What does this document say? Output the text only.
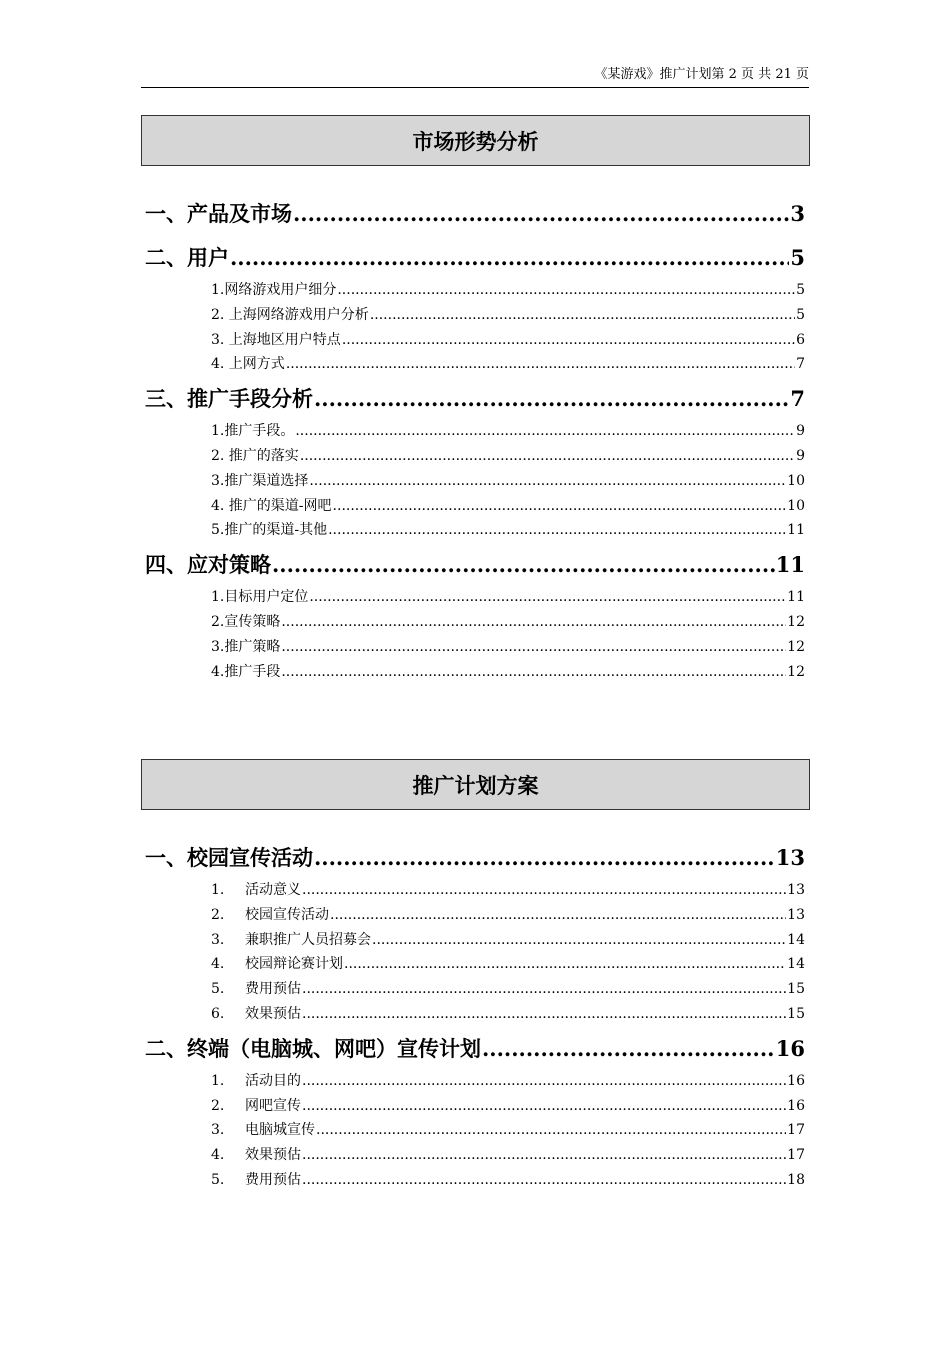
《某游戏》推广计划第 2 页 共 21 页
市场形势分析
一、产品及市场 .....	3
二、用户 .....	5
1.网络游戏用户细分 .....	5
2. 上海网络游戏用户分析 .....	5
3. 上海地区用户特点 .....	6
4. 上网方式 .....	7
三、推广手段分析 .....	7
1.推广手段。 .....	9
2. 推广的落实 .....	9
3.推广渠道选择 .....	10
4. 推广的渠道-网吧 .....	10
5.推广的渠道-其他 .....	11
四、应对策略 .....	11
1.目标用户定位 .....	11
2.宣传策略 .....	12
3.推广策略 .....	12
4.推广手段 .....	12
推广计划方案
一、校园宣传活动 .....	13
1.	活动意义 .....	13
2.	校园宣传活动 .....	13
3.	兼职推广人员招募会 .....	14
4.	校园辩论赛计划 .....	14
5.	费用预估 .....	15
6.	效果预估 .....	15
二、终端（电脑城、网吧）宣传计划 .....	16
1.	活动目的 .....	16
2.	网吧宣传 .....	16
3.	电脑城宣传 .....	17
4.	效果预估 .....	17
5.	费用预估 .....	18
